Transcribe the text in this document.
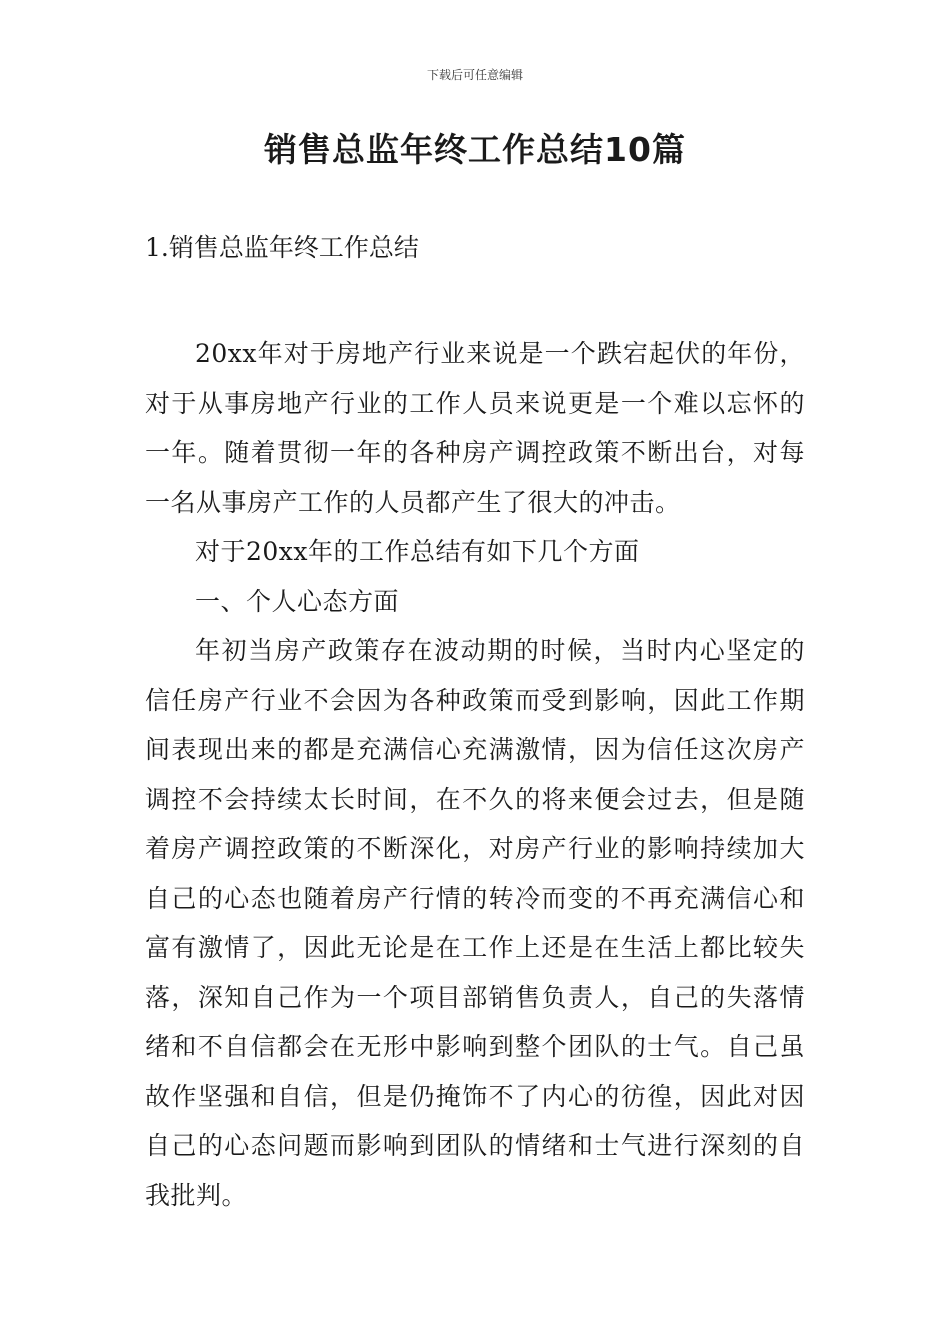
下载后可任意编辑
销售总监年终工作总结10篇
1.销售总监年终工作总结

20xx年对于房地产行业来说是一个跌宕起伏的年份，对于从事房地产行业的工作人员来说更是一个难以忘怀的一年。随着贯彻一年的各种房产调控政策不断出台，对每一名从事房产工作的人员都产生了很大的冲击。

对于20xx年的工作总结有如下几个方面

一、个人心态方面

年初当房产政策存在波动期的时候，当时内心坚定的信任房产行业不会因为各种政策而受到影响，因此工作期间表现出来的都是充满信心充满激情，因为信任这次房产调控不会持续太长时间，在不久的将来便会过去，但是随着房产调控政策的不断深化，对房产行业的影响持续加大自己的心态也随着房产行情的转冷而变的不再充满信心和富有激情了，因此无论是在工作上还是在生活上都比较失落，深知自己作为一个项目部销售负责人，自己的失落情绪和不自信都会在无形中影响到整个团队的士气。自己虽故作坚强和自信，但是仍掩饰不了内心的彷徨，因此对因自己的心态问题而影响到团队的情绪和士气进行深刻的自我批判。
